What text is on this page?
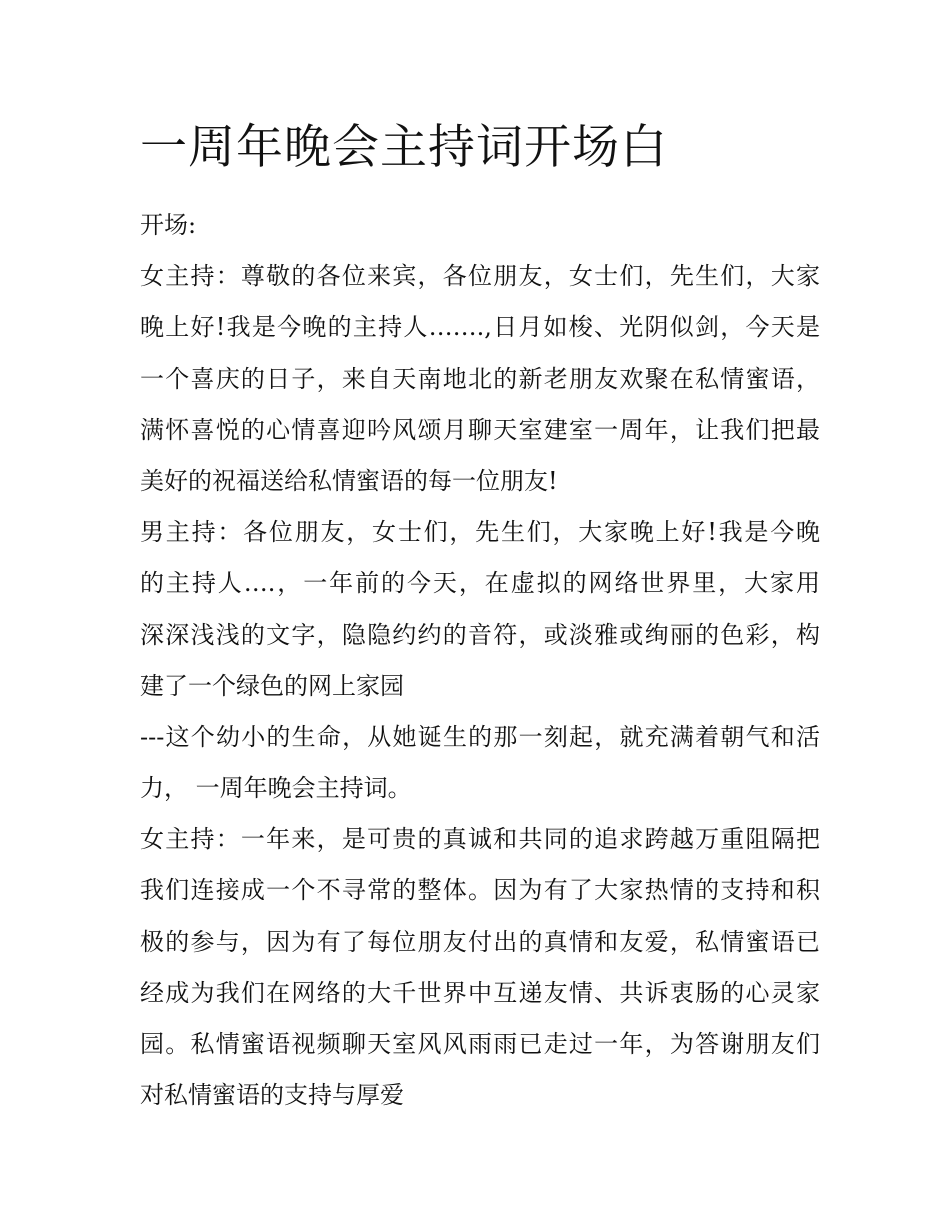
一周年晚会主持词开场白
开场:
女主持：尊敬的各位来宾，各位朋友，女士们，先生们，大家
晚上好!我是今晚的主持人…….,日月如梭、光阴似剑，今天是
一个喜庆的日子，来自天南地北的新老朋友欢聚在私情蜜语，
满怀喜悦的心情喜迎吟风颂月聊天室建室一周年，让我们把最
美好的祝福送给私情蜜语的每一位朋友!
男主持：各位朋友，女士们，先生们，大家晚上好!我是今晚
的主持人….，一年前的今天，在虚拟的网络世界里，大家用
深深浅浅的文字，隐隐约约的音符，或淡雅或绚丽的色彩，构
建了一个绿色的网上家园
---这个幼小的生命，从她诞生的那一刻起，就充满着朝气和活
力， 一周年晚会主持词。
女主持：一年来，是可贵的真诚和共同的追求跨越万重阻隔把
我们连接成一个不寻常的整体。因为有了大家热情的支持和积
极的参与，因为有了每位朋友付出的真情和友爱，私情蜜语已
经成为我们在网络的大千世界中互递友情、共诉衷肠的心灵家
园。私情蜜语视频聊天室风风雨雨已走过一年，为答谢朋友们
对私情蜜语的支持与厚爱
